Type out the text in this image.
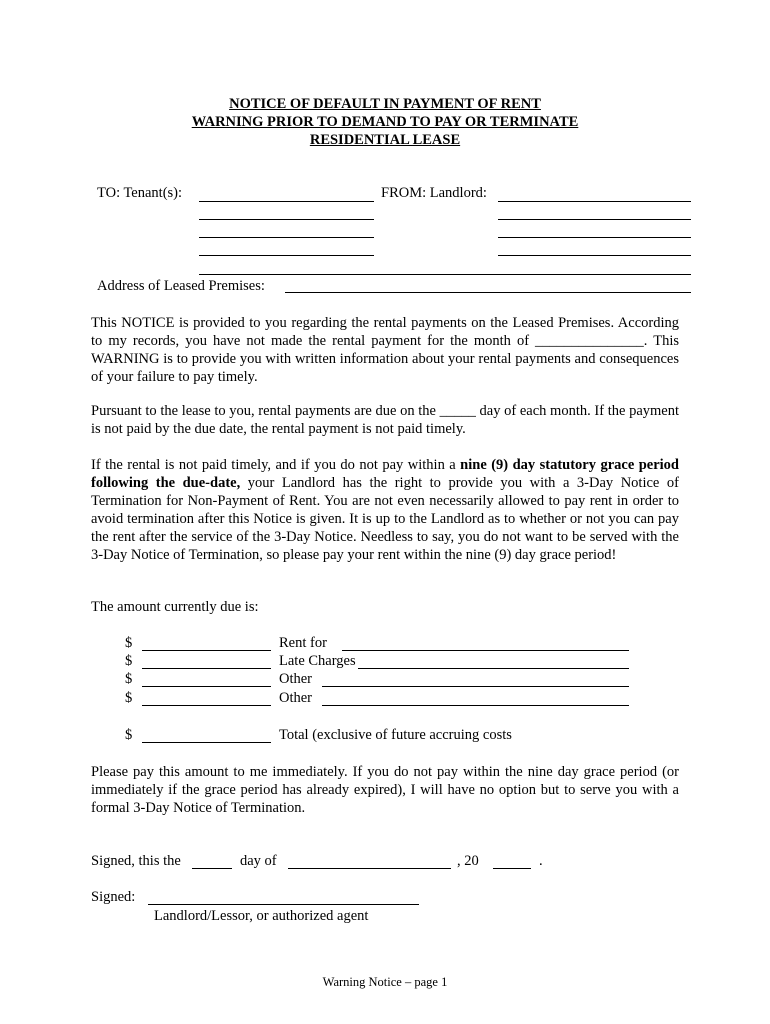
NOTICE OF DEFAULT IN PAYMENT OF RENT
WARNING PRIOR TO DEMAND TO PAY OR TERMINATE
RESIDENTIAL LEASE
TO: Tenant(s):	FROM: Landlord:
Address of Leased Premises:
This NOTICE is provided to you regarding the rental payments on the Leased Premises. According to my records, you have not made the rental payment for the month of _______________. This WARNING is to provide you with written information about your rental payments and consequences of your failure to pay timely.
Pursuant to the lease to you, rental payments are due on the _____ day of each month. If the payment is not paid by the due date, the rental payment is not paid timely.
If the rental is not paid timely, and if you do not pay within a nine (9) day statutory grace period following the due-date, your Landlord has the right to provide you with a 3-Day Notice of Termination for Non-Payment of Rent. You are not even necessarily allowed to pay rent in order to avoid termination after this Notice is given. It is up to the Landlord as to whether or not you can pay the rent after the service of the 3-Day Notice. Needless to say, you do not want to be served with the 3-Day Notice of Termination, so please pay your rent within the nine (9) day grace period!
The amount currently due is:
$	Rent for
$	Late Charges
$	Other
$	Other
$	Total (exclusive of future accruing costs
Please pay this amount to me immediately. If you do not pay within the nine day grace period (or immediately if the grace period has already expired), I will have no option but to serve you with a formal 3-Day Notice of Termination.
Signed, this the	day of	, 20	.
Signed:
Landlord/Lessor, or authorized agent
Warning Notice – page 1
